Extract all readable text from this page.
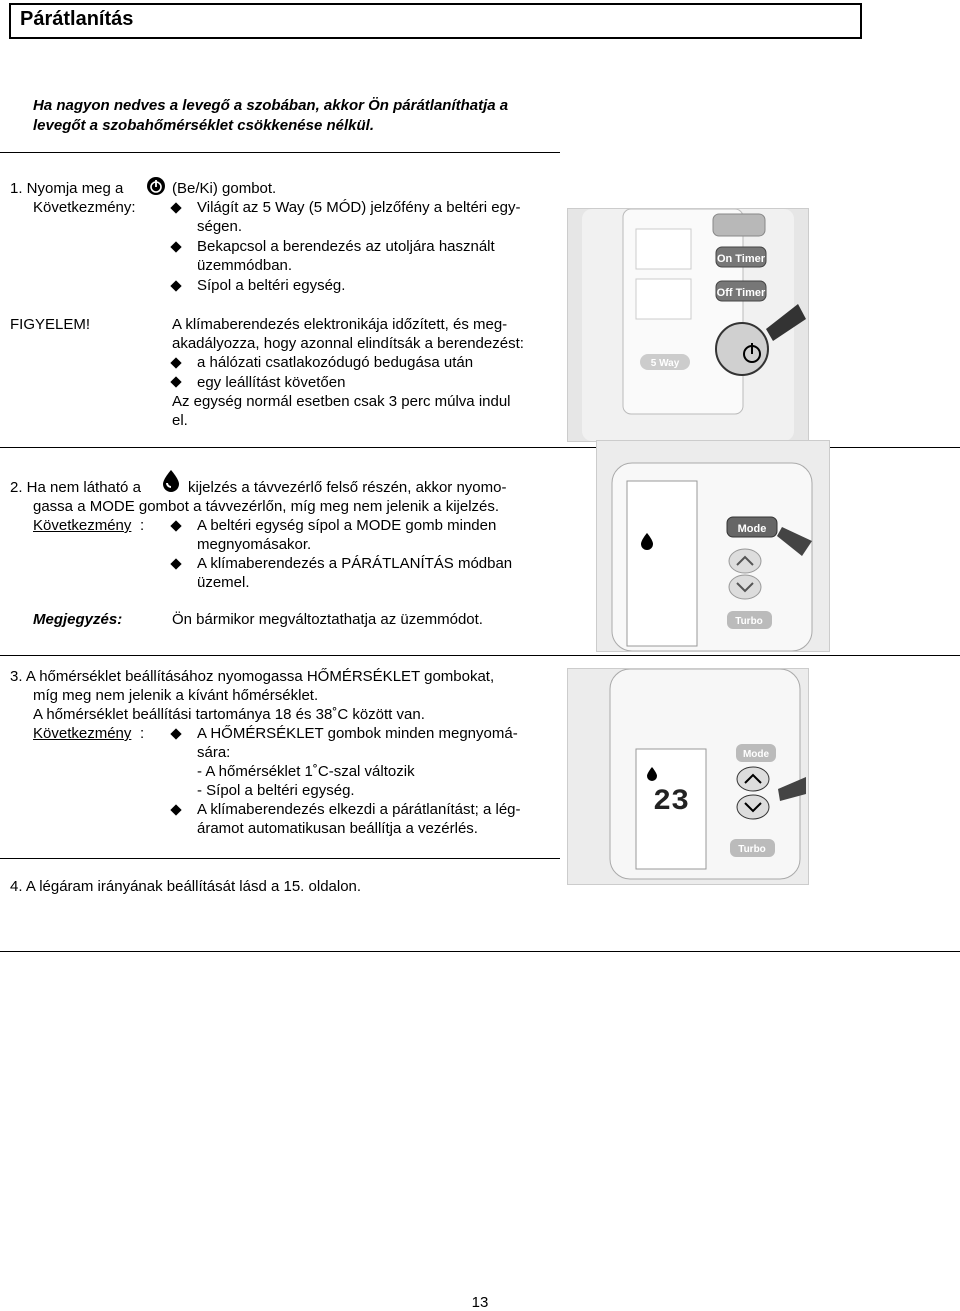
Párátlanítás
Ha nagyon nedves a levegő a szobában, akkor Ön párátlaníthatja a levegőt a szobahőmérséklet csökkenése nélkül.
1. Nyomja meg a	(Be/Ki) gombot.
Következmény:	Világít az 5 Way (5 MÓD) jelzőfény a beltéri egy-
ségen.
Bekapcsol a berendezés az utoljára használt
üzemmódban.
Sípol a beltéri egység.
FIGYELEM!	A klímaberendezés elektronikája időzített, és meg-
akadályozza, hogy azonnal elindítsák a berendezést:
a hálózati csatlakozódugó bedugása után
egy leállítást követően
Az egység normál esetben csak 3 perc múlva indul
el.
On Timer
Off Timer
5 Way
2. Ha nem látható a	kijelzés a távvezérlő felső részén, akkor nyomo-
gassa a MODE gombot a távvezérlőn, míg meg nem jelenik a kijelzés.
Következmény :	A beltéri egység sípol a MODE gomb minden
megnyomásakor.
A klímaberendezés a PÁRÁTLANÍTÁS módban
üzemel.
Megjegyzés:	Ön bármikor megváltoztathatja az üzemmódot.
Mode
Turbo
3. A hőmérséklet beállításához nyomogassa HŐMÉRSÉKLET gombokat,
míg meg nem jelenik a kívánt hőmérséklet.
A hőmérséklet beállítási tartománya 18 és 38˚C között van.
Következmény :	A HŐMÉRSÉKLET gombok minden megnyomá-
sára:
- A hőmérséklet 1˚C-szal változik
- Sípol a beltéri egység.
A klímaberendezés elkezdi a párátlanítást; a lég-
áramot automatikusan beállítja a vezérlés.
23
Mode
Turbo
4. A légáram irányának beállítását lásd a 15. oldalon.
13
